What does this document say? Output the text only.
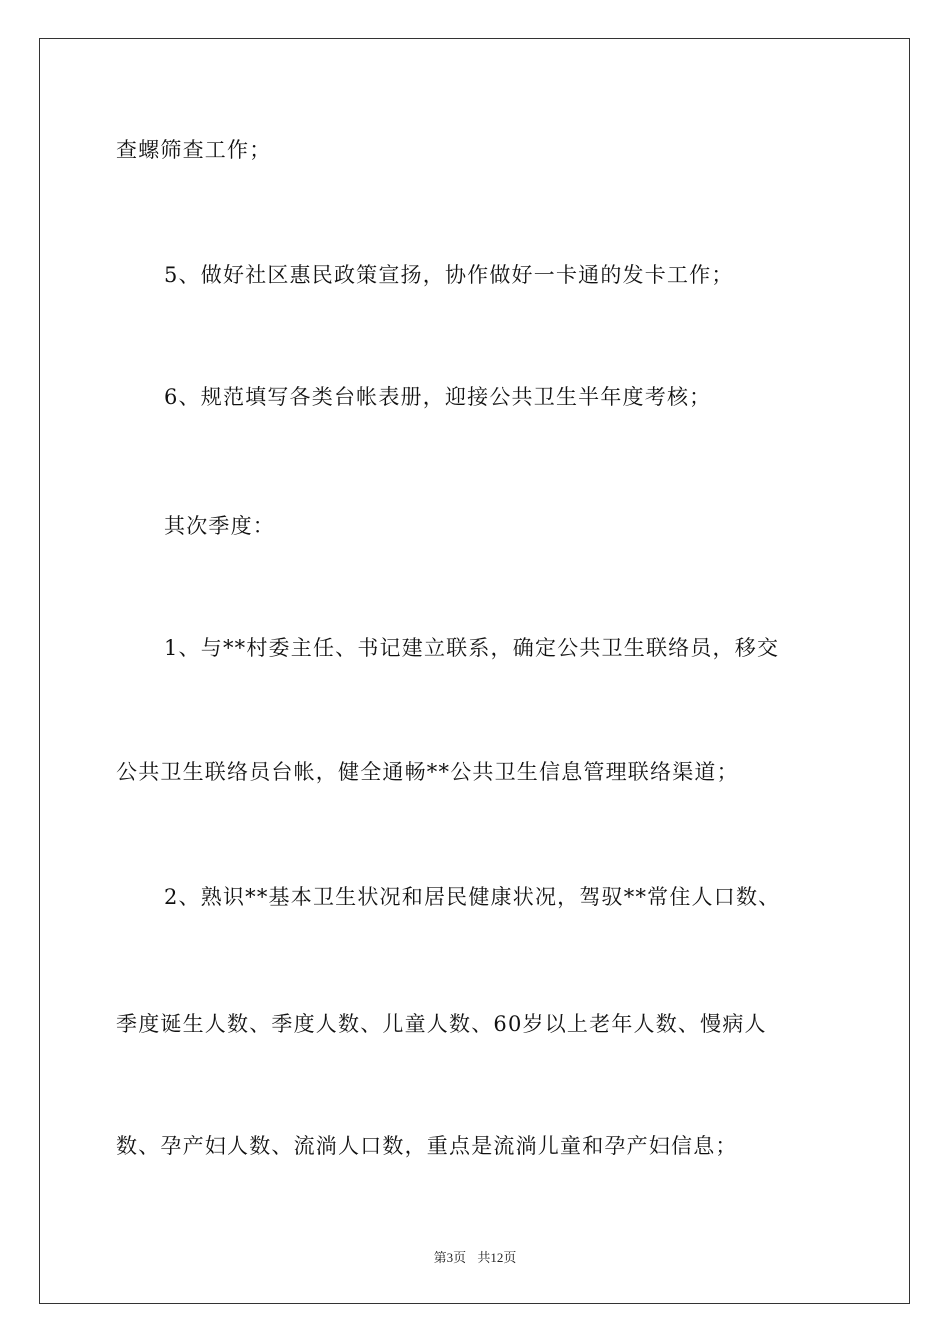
查螺筛查工作；
5、做好社区惠民政策宣扬，协作做好一卡通的发卡工作；
6、规范填写各类台帐表册，迎接公共卫生半年度考核；
其次季度：
1、与**村委主任、书记建立联系，确定公共卫生联络员，移交
公共卫生联络员台帐，健全通畅**公共卫生信息管理联络渠道；
2、熟识**基本卫生状况和居民健康状况，驾驭**常住人口数、
季度诞生人数、季度人数、儿童人数、60岁以上老年人数、慢病人
数、孕产妇人数、流淌人口数，重点是流淌儿童和孕产妇信息；
第3页 共12页
